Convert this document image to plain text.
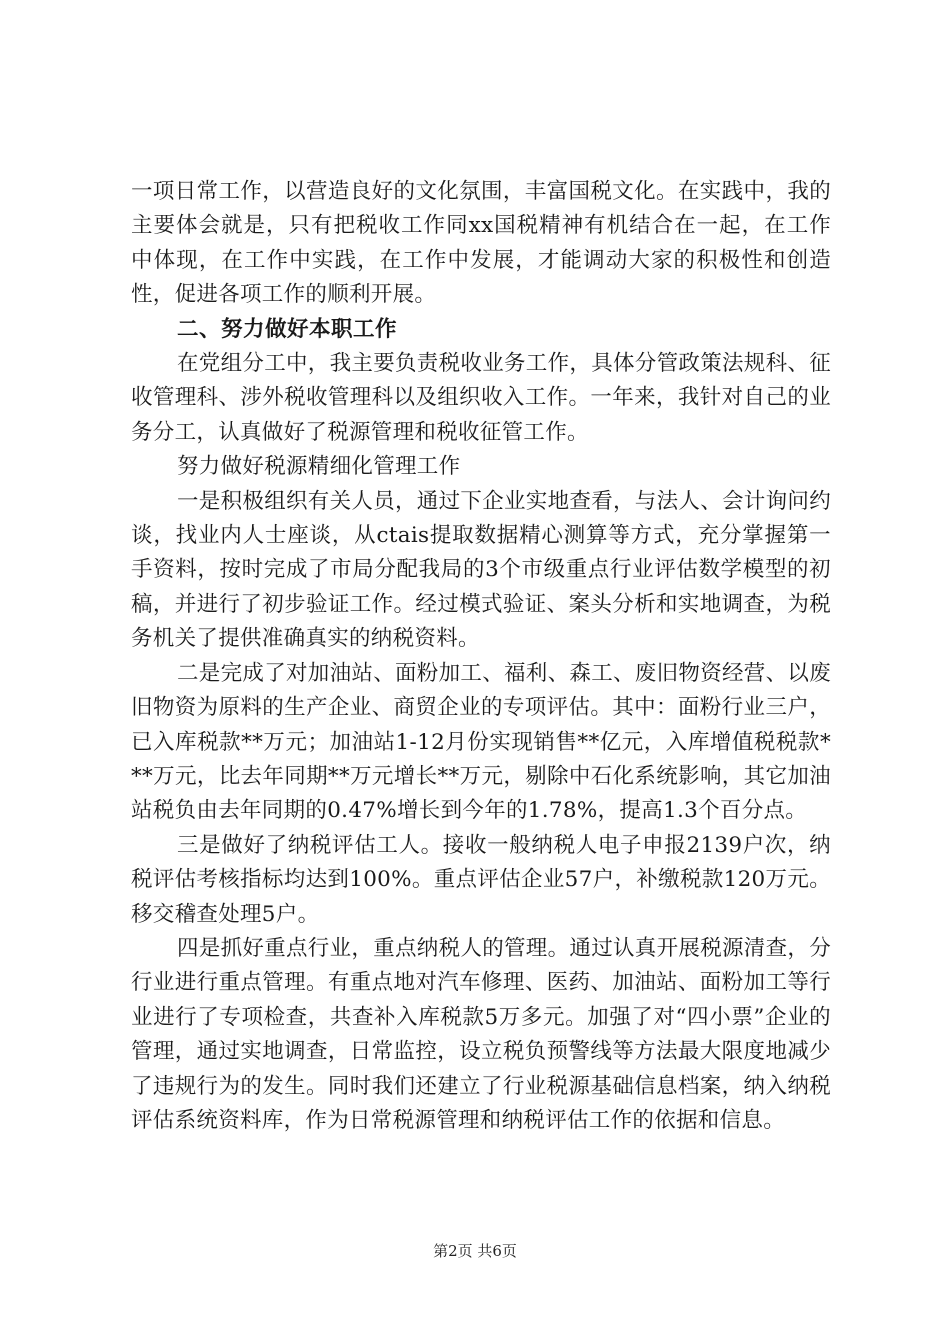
一项日常工作，以营造良好的文化氛围，丰富国税文化。在实践中，我的主要体会就是，只有把税收工作同xx国税精神有机结合在一起，在工作中体现，在工作中实践，在工作中发展，才能调动大家的积极性和创造性，促进各项工作的顺利开展。

二、努力做好本职工作

在党组分工中，我主要负责税收业务工作，具体分管政策法规科、征收管理科、涉外税收管理科以及组织收入工作。一年来，我针对自己的业务分工，认真做好了税源管理和税收征管工作。

努力做好税源精细化管理工作

一是积极组织有关人员，通过下企业实地查看，与法人、会计询问约谈，找业内人士座谈，从ctais提取数据精心测算等方式，充分掌握第一手资料，按时完成了市局分配我局的3个市级重点行业评估数学模型的初稿，并进行了初步验证工作。经过模式验证、案头分析和实地调查，为税务机关了提供准确真实的纳税资料。

二是完成了对加油站、面粉加工、福利、森工、废旧物资经营、以废旧物资为原料的生产企业、商贸企业的专项评估。其中：面粉行业三户，已入库税款**万元；加油站1-12月份实现销售**亿元，入库增值税税款***万元，比去年同期**万元增长**万元，剔除中石化系统影响，其它加油站税负由去年同期的0.47%增长到今年的1.78%，提高1.3个百分点。

三是做好了纳税评估工人。接收一般纳税人电子申报2139户次，纳税评估考核指标均达到100%。重点评估企业57户，补缴税款120万元。移交稽查处理5户。

四是抓好重点行业，重点纳税人的管理。通过认真开展税源清查，分行业进行重点管理。有重点地对汽车修理、医药、加油站、面粉加工等行业进行了专项检查，共查补入库税款5万多元。加强了对“四小票”企业的管理，通过实地调查，日常监控，设立税负预警线等方法最大限度地减少了违规行为的发生。同时我们还建立了行业税源基础信息档案，纳入纳税评估系统资料库，作为日常税源管理和纳税评估工作的依据和信息。

第2页 共6页
